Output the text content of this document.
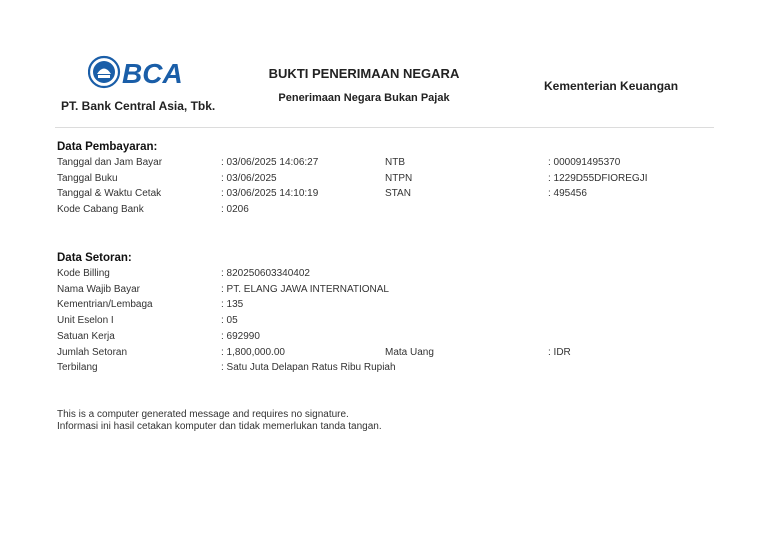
BCA
PT. Bank Central Asia, Tbk.
BUKTI PENERIMAAN NEGARA
Penerimaan Negara Bukan Pajak
Kementerian Keuangan
Data Pembayaran:
Tanggal dan Jam Bayar	: 03/06/2025 14:06:27	NTB	: 000091495370
Tanggal Buku	: 03/06/2025	NTPN	: 1229D55DFIOREGJI
Tanggal & Waktu Cetak	: 03/06/2025 14:10:19	STAN	: 495456
Kode Cabang Bank	: 0206
Data Setoran:
Kode Billing	: 820250603340402
Nama Wajib Bayar	: PT. ELANG JAWA INTERNATIONAL
Kementrian/Lembaga	: 135
Unit Eselon I	: 05
Satuan Kerja	: 692990
Jumlah Setoran	: 1,800,000.00	Mata Uang	: IDR
Terbilang	: Satu Juta Delapan Ratus Ribu Rupiah
This is a computer generated message and requires no signature.
Informasi ini hasil cetakan komputer dan tidak memerlukan tanda tangan.
